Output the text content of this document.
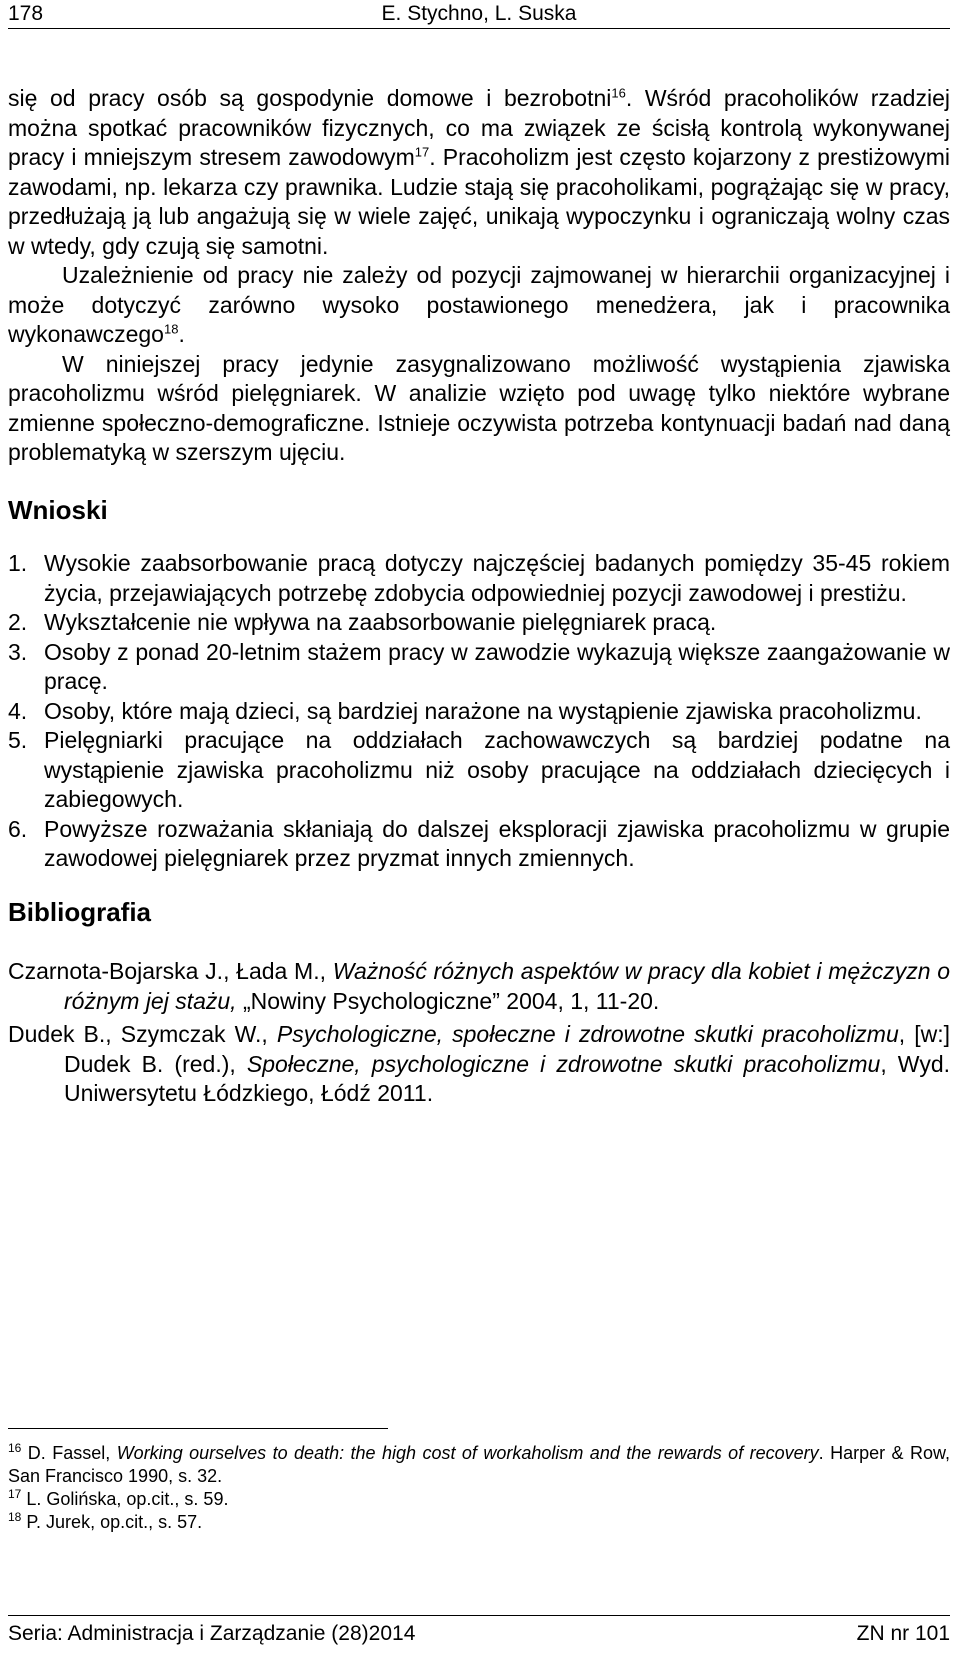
178	E. Stychno, L. Suska

się od pracy osób są gospodynie domowe i bezrobotni$^{16}$. Wśród pracoholików rzadziej można spotkać pracowników fizycznych, co ma związek ze ścisłą kontrolą wykonywanej pracy i mniejszym stresem zawodowym$^{17}$. Pracoholizm jest często kojarzony z prestiżowymi zawodami, np. lekarza czy prawnika. Ludzie stają się pracoholikami, pogrążając się w pracy, przedłużają ją lub angażują się w wiele zajęć, unikają wypoczynku i ograniczają wolny czas w wtedy, gdy czują się samotni.

Uzależnienie od pracy nie zależy od pozycji zajmowanej w hierarchii organizacyjnej i może dotyczyć zarówno wysoko postawionego menedżera, jak i pracownika wykonawczego$^{18}$.

W niniejszej pracy jedynie zasygnalizowano możliwość wystąpienia zjawiska pracoholizmu wśród pielęgniarek. W analizie wzięto pod uwagę tylko niektóre wybrane zmienne społeczno-demograficzne. Istnieje oczywista potrzeba kontynuacji badań nad daną problematyką w szerszym ujęciu.

Wnioski
1. Wysokie zaabsorbowanie pracą dotyczy najczęściej badanych pomiędzy 35-45 rokiem życia, przejawiających potrzebę zdobycia odpowiedniej pozycji zawodowej i prestiżu.
2. Wykształcenie nie wpływa na zaabsorbowanie pielęgniarek pracą.
3. Osoby z ponad 20-letnim stażem pracy w zawodzie wykazują większe zaangażowanie w pracę.
4. Osoby, które mają dzieci, są bardziej narażone na wystąpienie zjawiska pracoholizmu.
5. Pielęgniarki pracujące na oddziałach zachowawczych są bardziej podatne na wystąpienie zjawiska pracoholizmu niż osoby pracujące na oddziałach dziecięcych i zabiegowych.
6. Powyższe rozważania skłaniają do dalszej eksploracji zjawiska pracoholizmu w grupie zawodowej pielęgniarek przez pryzmat innych zmiennych.
Bibliografia

Czarnota-Bojarska J., Łada M., Ważność różnych aspektów w pracy dla kobiet i mężczyzn o różnym jej stażu, „Nowiny Psychologiczne” 2004, 1, 11-20.

Dudek B., Szymczak W., Psychologiczne, społeczne i zdrowotne skutki pracoholizmu, [w:] Dudek B. (red.), Społeczne, psychologiczne i zdrowotne skutki pracoholizmu, Wyd. Uniwersytetu Łódzkiego, Łódź 2011.

$^{16}$ D. Fassel, Working ourselves to death: the high cost of workaholism and the rewards of recovery. Harper & Row, San Francisco 1990, s. 32.

$^{17}$ L. Golińska, op.cit., s. 59.

$^{18}$ P. Jurek, op.cit., s. 57.

Seria: Administracja i Zarządzanie (28)2014	ZN nr 101
